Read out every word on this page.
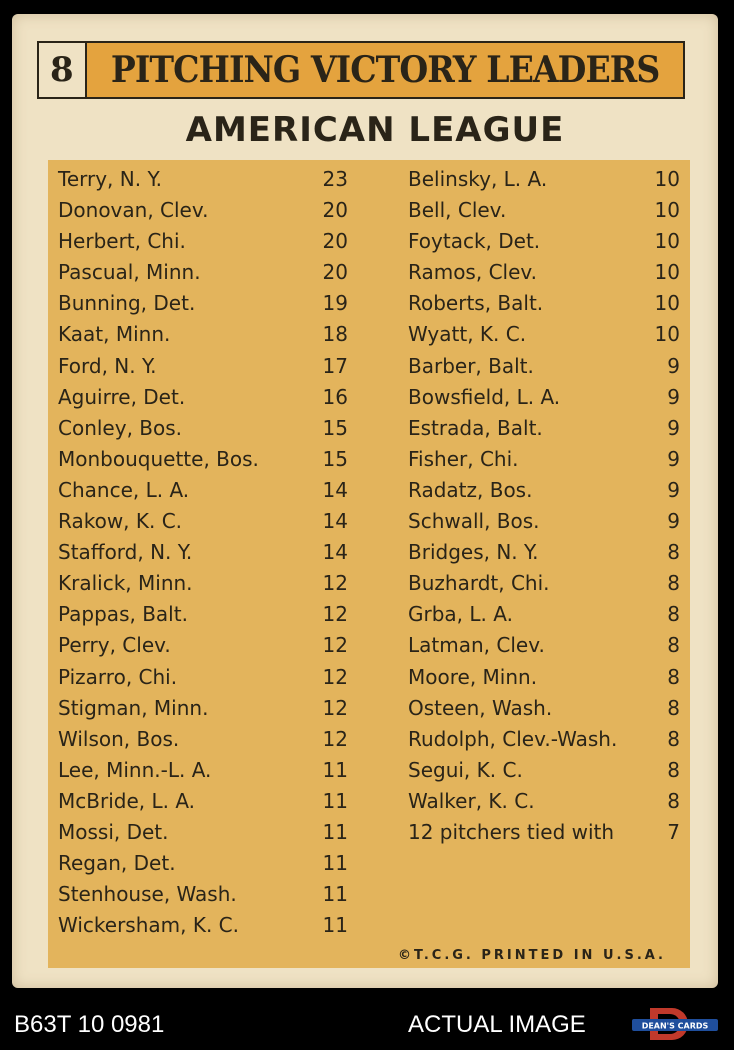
8	PITCHING VICTORY LEADERS
AMERICAN LEAGUE
Terry, N. Y.	23
Donovan, Clev.	20
Herbert, Chi.	20
Pascual, Minn.	20
Bunning, Det.	19
Kaat, Minn.	18
Ford, N. Y.	17
Aguirre, Det.	16
Conley, Bos.	15
Monbouquette, Bos.	15
Chance, L. A.	14
Rakow, K. C.	14
Stafford, N. Y.	14
Kralick, Minn.	12
Pappas, Balt.	12
Perry, Clev.	12
Pizarro, Chi.	12
Stigman, Minn.	12
Wilson, Bos.	12
Lee, Minn.-L. A.	11
McBride, L. A.	11
Mossi, Det.	11
Regan, Det.	11
Stenhouse, Wash.	11
Wickersham, K. C.	11
Belinsky, L. A.	10
Bell, Clev.	10
Foytack, Det.	10
Ramos, Clev.	10
Roberts, Balt.	10
Wyatt, K. C.	10
Barber, Balt.	9
Bowsfield, L. A.	9
Estrada, Balt.	9
Fisher, Chi.	9
Radatz, Bos.	9
Schwall, Bos.	9
Bridges, N. Y.	8
Buzhardt, Chi.	8
Grba, L. A.	8
Latman, Clev.	8
Moore, Minn.	8
Osteen, Wash.	8
Rudolph, Clev.-Wash. 8
Segui, K. C.	8
Walker, K. C.	8
12 pitchers tied with	7
©T.C.G. PRINTED IN U.S.A.
B63T 10 0981	ACTUAL IMAGE	DEAN'S CARDS
